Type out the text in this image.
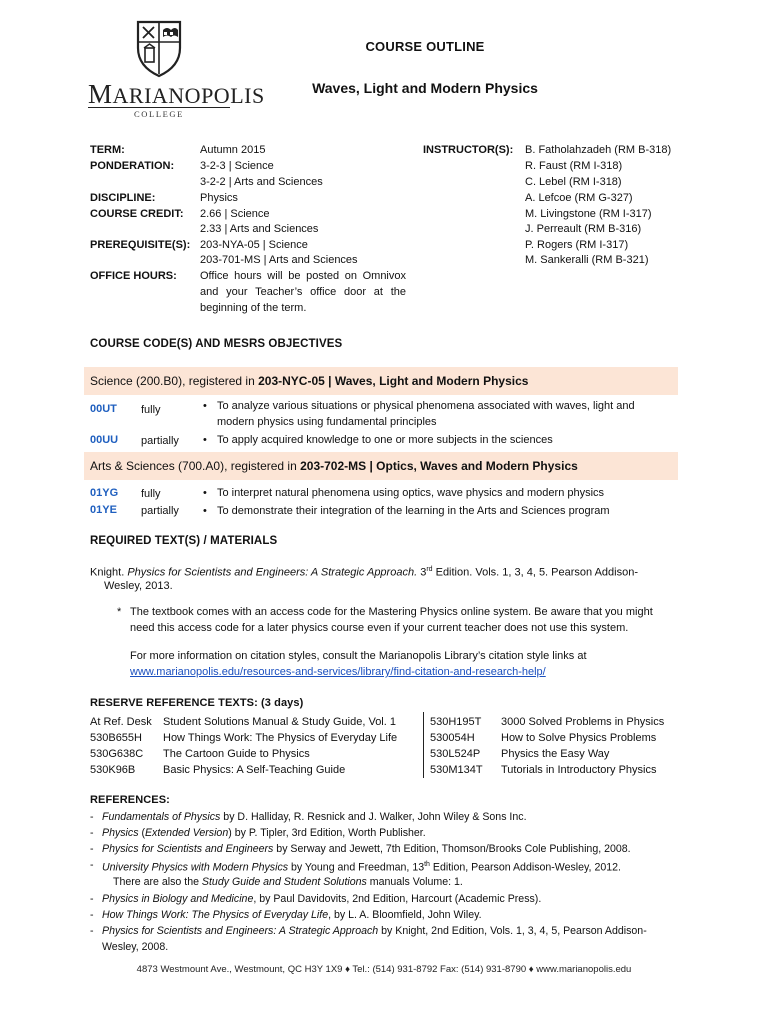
MARIANOPOLIS
COLLEGE
COURSE OUTLINE
Waves, Light and Modern Physics
TERM:	Autumn 2015
PONDERATION: 3-2-3 | Science
3-2-2 | Arts and Sciences
DISCIPLINE:	Physics
COURSE CREDIT: 2.66 | Science
2.33 | Arts and Sciences
PREREQUISITE(S): 203-NYA-05 | Science
203-701-MS | Arts and Sciences
OFFICE HOURS: Office hours will be posted on Omnivox and your Teacher’s office door at the beginning of the term.
INSTRUCTOR(S): B. Fatholahzadeh (RM B-318)
R. Faust (RM I-318)
C. Lebel (RM I-318)
A. Lefcoe (RM G-327)
M. Livingstone (RM I-317)
J. Perreault (RM B-316)
P. Rogers (RM I-317)
M. Sankeralli (RM B-321)
COURSE CODE(S) AND MESRS OBJECTIVES
Science (200.B0), registered in 203-NYC-05 | Waves, Light and Modern Physics
00UT fully	• To analyze various situations or physical phenomena associated with waves, light and modern physics using fundamental principles
00UU partially	• To apply acquired knowledge to one or more subjects in the sciences
Arts & Sciences (700.A0), registered in 203-702-MS | Optics, Waves and Modern Physics
01YG fully	• To interpret natural phenomena using optics, wave physics and modern physics
01YE partially	• To demonstrate their integration of the learning in the Arts and Sciences program
REQUIRED TEXT(S) / MATERIALS
Knight. Physics for Scientists and Engineers: A Strategic Approach. 3rd Edition. Vols. 1, 3, 4, 5. Pearson Addison-
Wesley, 2013.
* The textbook comes with an access code for the Mastering Physics online system. Be aware that you might
need this access code for a later physics course even if your current teacher does not use this system.
For more information on citation styles, consult the Marianopolis Library’s citation style links at
www.marianopolis.edu/resources-and-services/library/find-citation-and-research-help/
RESERVE REFERENCE TEXTS: (3 days)
At Ref. Desk Student Solutions Manual & Study Guide, Vol. 1
530B655H How Things Work: The Physics of Everyday Life
530G638C The Cartoon Guide to Physics
530K96B	Basic Physics: A Self-Teaching Guide
530H195T 3000 Solved Problems in Physics
530054H How to Solve Physics Problems
530L524P Physics the Easy Way
530M134T Tutorials in Introductory Physics
REFERENCES:
- Fundamentals of Physics by D. Halliday, R. Resnick and J. Walker, John Wiley & Sons Inc.
- Physics (Extended Version) by P. Tipler, 3rd Edition, Worth Publisher.
- Physics for Scientists and Engineers by Serway and Jewett, 7th Edition, Thomson/Brooks Cole Publishing, 2008.
- University Physics with Modern Physics by Young and Freedman, 13th Edition, Pearson Addison-Wesley, 2012.
There are also the Study Guide and Student Solutions manuals Volume: 1.
- Physics in Biology and Medicine, by Paul Davidovits, 2nd Edition, Harcourt (Academic Press).
- How Things Work: The Physics of Everyday Life, by L. A. Bloomfield, John Wiley.
- Physics for Scientists and Engineers: A Strategic Approach by Knight, 2nd Edition, Vols. 1, 3, 4, 5, Pearson Addison-
Wesley, 2008.
4873 Westmount Ave., Westmount, QC H3Y 1X9 ♦ Tel.: (514) 931-8792 Fax: (514) 931-8790 ♦ www.marianopolis.edu
